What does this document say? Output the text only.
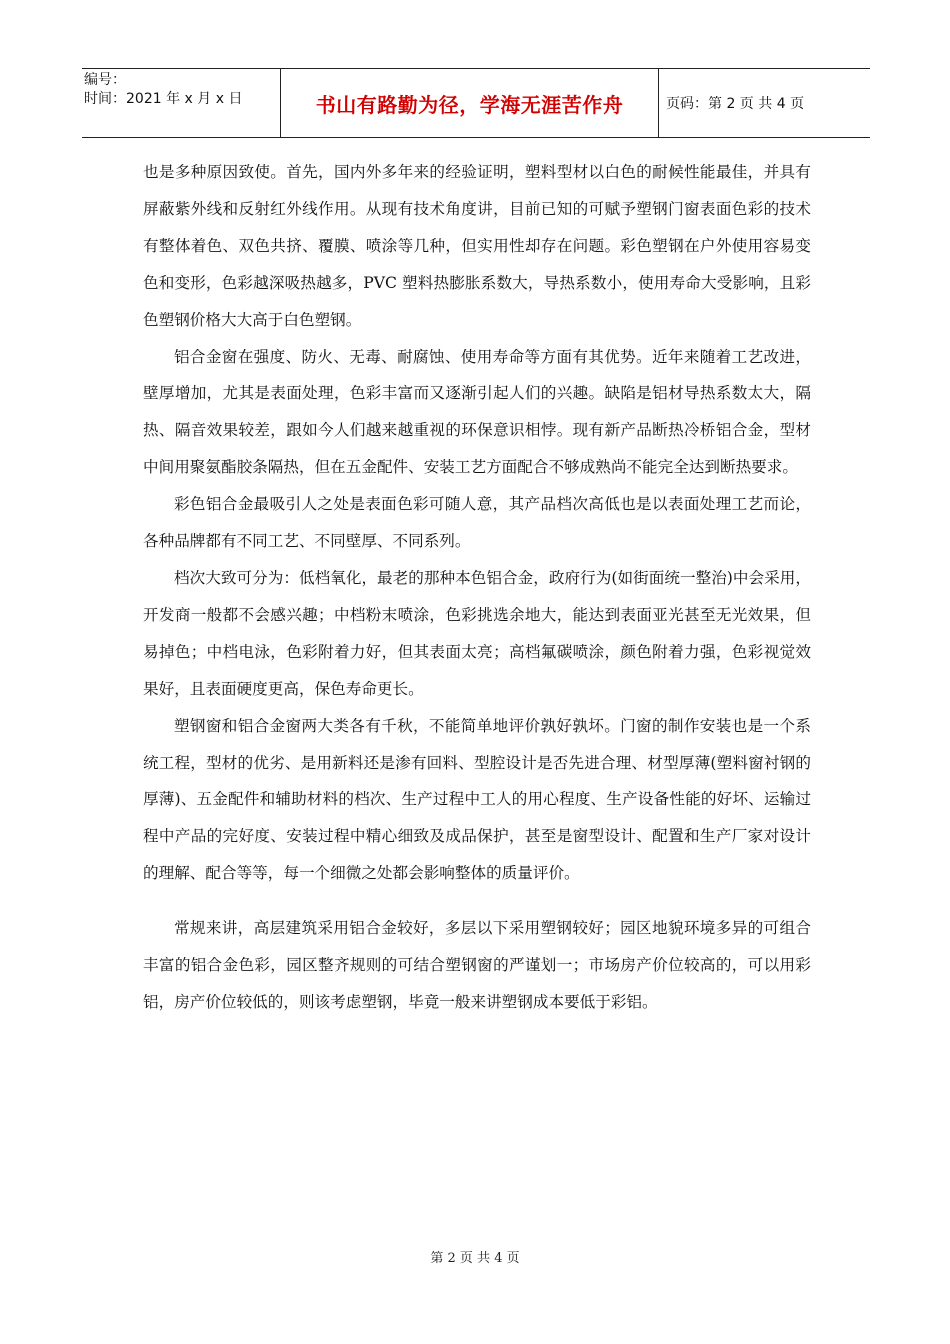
编号：
时间：2021 年 x 月 x 日	书山有路勤为径，学海无涯苦作舟	页码：第 2 页 共 4 页

也是多种原因致使。首先，国内外多年来的经验证明，塑料型材以白色的耐候性能最佳，并具有屏蔽紫外线和反射红外线作用。从现有技术角度讲，目前已知的可赋予塑钢门窗表面色彩的技术有整体着色、双色共挤、覆膜、喷涂等几种，但实用性却存在问题。彩色塑钢在户外使用容易变色和变形，色彩越深吸热越多，PVC 塑料热膨胀系数大，导热系数小，使用寿命大受影响，且彩色塑钢价格大大高于白色塑钢。

铝合金窗在强度、防火、无毒、耐腐蚀、使用寿命等方面有其优势。近年来随着工艺改进，壁厚增加，尤其是表面处理，色彩丰富而又逐渐引起人们的兴趣。缺陷是铝材导热系数太大，隔热、隔音效果较差，跟如今人们越来越重视的环保意识相悖。现有新产品断热冷桥铝合金，型材中间用聚氨酯胶条隔热，但在五金配件、安装工艺方面配合不够成熟尚不能完全达到断热要求。

彩色铝合金最吸引人之处是表面色彩可随人意，其产品档次高低也是以表面处理工艺而论，各种品牌都有不同工艺、不同壁厚、不同系列。

档次大致可分为：低档氧化，最老的那种本色铝合金，政府行为(如街面统一整治)中会采用，开发商一般都不会感兴趣；中档粉末喷涂，色彩挑选余地大，能达到表面亚光甚至无光效果，但易掉色；中档电泳，色彩附着力好，但其表面太亮；高档氟碳喷涂，颜色附着力强，色彩视觉效果好，且表面硬度更高，保色寿命更长。

塑钢窗和铝合金窗两大类各有千秋，不能简单地评价孰好孰坏。门窗的制作安装也是一个系统工程，型材的优劣、是用新料还是渗有回料、型腔设计是否先进合理、材型厚薄(塑料窗衬钢的厚薄)、五金配件和辅助材料的档次、生产过程中工人的用心程度、生产设备性能的好坏、运输过程中产品的完好度、安装过程中精心细致及成品保护，甚至是窗型设计、配置和生产厂家对设计的理解、配合等等，每一个细微之处都会影响整体的质量评价。

常规来讲，高层建筑采用铝合金较好，多层以下采用塑钢较好；园区地貌环境多异的可组合丰富的铝合金色彩，园区整齐规则的可结合塑钢窗的严谨划一；市场房产价位较高的，可以用彩铝，房产价位较低的，则该考虑塑钢，毕竟一般来讲塑钢成本要低于彩铝。

第 2 页 共 4 页
